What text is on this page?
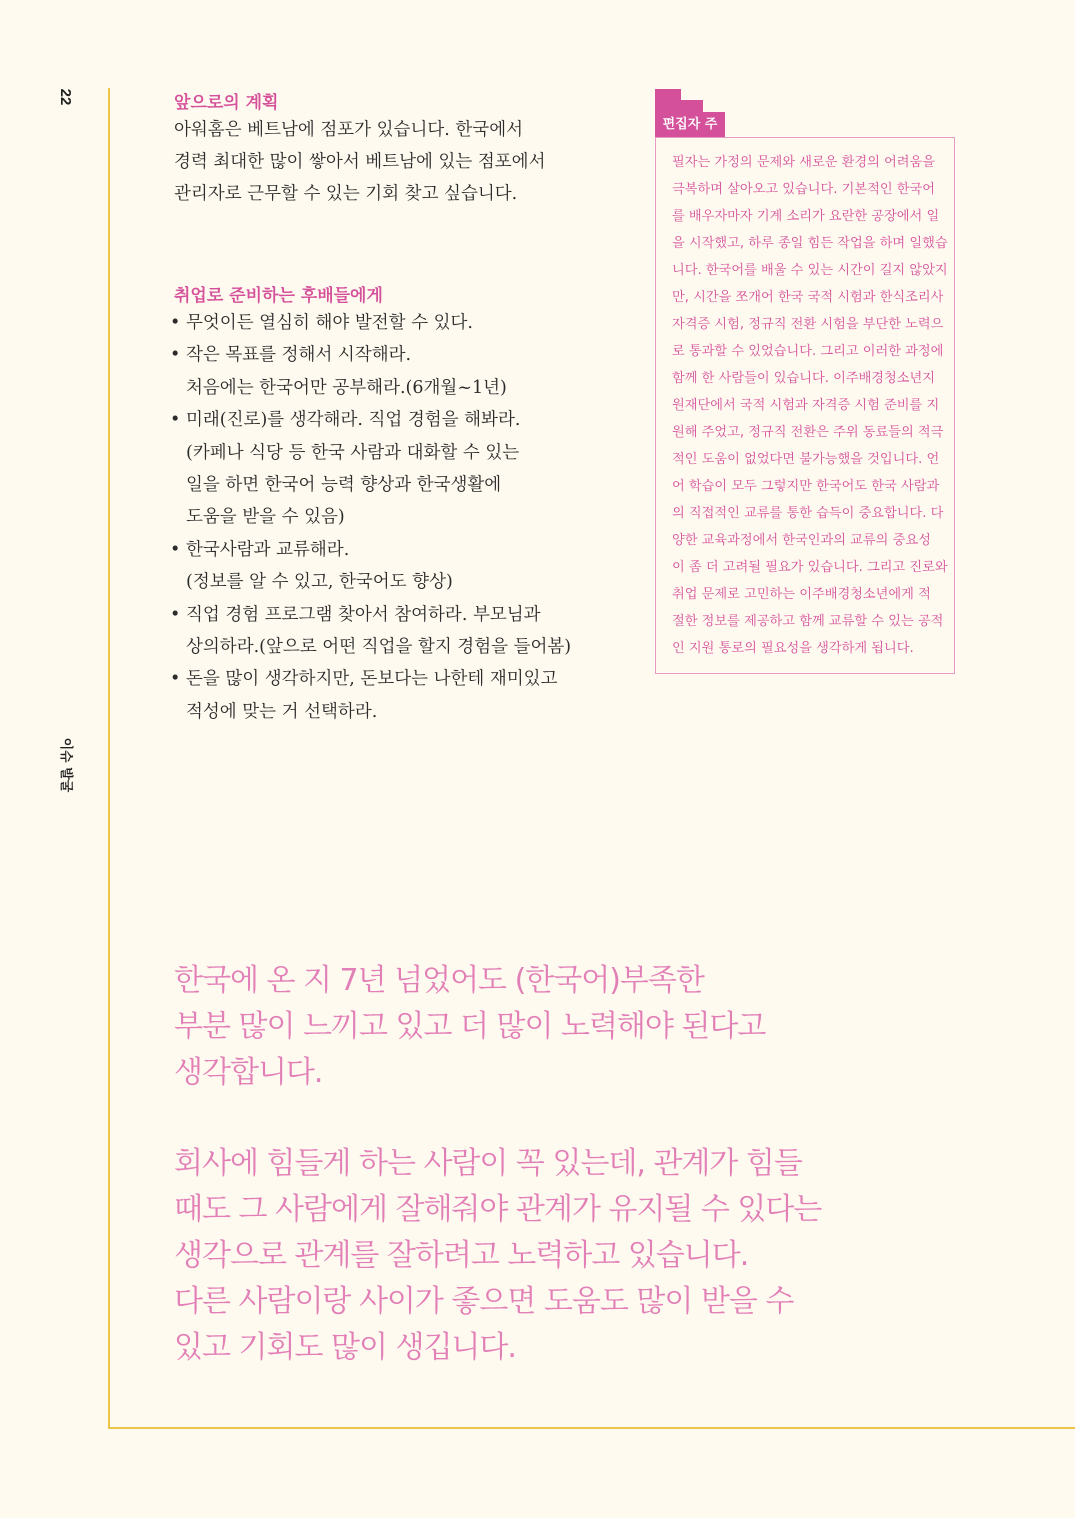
22
이슈 발굴
앞으로의 계획
아워홈은 베트남에 점포가 있습니다. 한국에서
경력 최대한 많이 쌓아서 베트남에 있는 점포에서
관리자로 근무할 수 있는 기회 찾고 싶습니다.
취업로 준비하는 후배들에게
• 무엇이든 열심히 해야 발전할 수 있다.
• 작은 목표를 정해서 시작해라.
처음에는 한국어만 공부해라.(6개월~1년)
• 미래(진로)를 생각해라. 직업 경험을 해봐라.
(카페나 식당 등 한국 사람과 대화할 수 있는
일을 하면 한국어 능력 향상과 한국생활에
도움을 받을 수 있음)
• 한국사람과 교류해라.
(정보를 알 수 있고, 한국어도 향상)
• 직업 경험 프로그램 찾아서 참여하라. 부모님과
상의하라.(앞으로 어떤 직업을 할지 경험을 들어봄)
• 돈을 많이 생각하지만, 돈보다는 나한테 재미있고
적성에 맞는 거 선택하라.
편집자 주
필자는 가정의 문제와 새로운 환경의 어려움을
극복하며 살아오고 있습니다. 기본적인 한국어
를 배우자마자 기계 소리가 요란한 공장에서 일
을 시작했고, 하루 종일 힘든 작업을 하며 일했습
니다. 한국어를 배울 수 있는 시간이 길지 않았지
만, 시간을 쪼개어 한국 국적 시험과 한식조리사
자격증 시험, 정규직 전환 시험을 부단한 노력으
로 통과할 수 있었습니다. 그리고 이러한 과정에
함께 한 사람들이 있습니다. 이주배경청소년지
원재단에서 국적 시험과 자격증 시험 준비를 지
원해 주었고, 정규직 전환은 주위 동료들의 적극
적인 도움이 없었다면 불가능했을 것입니다. 언
어 학습이 모두 그렇지만 한국어도 한국 사람과
의 직접적인 교류를 통한 습득이 중요합니다. 다
양한 교육과정에서 한국인과의 교류의 중요성
이 좀 더 고려될 필요가 있습니다. 그리고 진로와
취업 문제로 고민하는 이주배경청소년에게 적
절한 정보를 제공하고 함께 교류할 수 있는 공적
인 지원 통로의 필요성을 생각하게 됩니다.
한국에 온 지 7년 넘었어도 (한국어)부족한
부분 많이 느끼고 있고 더 많이 노력해야 된다고
생각합니다.
회사에 힘들게 하는 사람이 꼭 있는데, 관계가 힘들
때도 그 사람에게 잘해줘야 관계가 유지될 수 있다는
생각으로 관계를 잘하려고 노력하고 있습니다.
다른 사람이랑 사이가 좋으면 도움도 많이 받을 수
있고 기회도 많이 생깁니다.
